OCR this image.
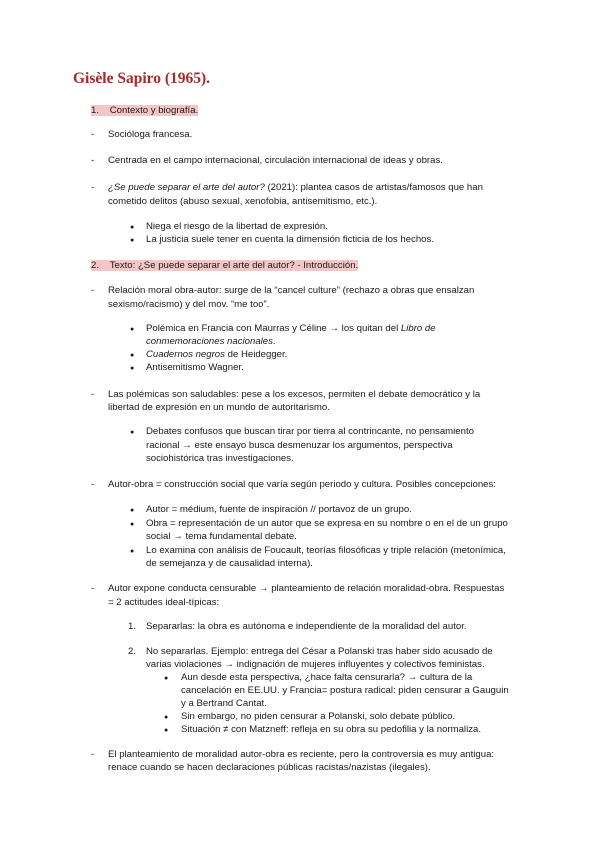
Gisèle Sapiro (1965).
1. Contexto y biografía.
- Socióloga francesa.
- Centrada en el campo internacional, circulación internacional de ideas y obras.
- ¿Se puede separar el arte del autor? (2021): plantea casos de artistas/famosos que han
cometido delitos (abuso sexual, xenofobia, antisemitismo, etc.).
● Niega el riesgo de la libertad de expresión.
● La justicia suele tener en cuenta la dimensión ficticia de los hechos.
2. Texto: ¿Se puede separar el arte del autor? - Introducción.
- Relación moral obra-autor: surge de la “cancel culture” (rechazo a obras que ensalzan
sexismo/racismo) y del mov. “me too”.
● Polémica en Francia con Maurras y Céline → los quitan del Libro de
conmemoraciones nacionales.
● Cuadernos negros de Heidegger.
● Antisemitismo Wagner.
- Las polémicas son saludables: pese a los excesos, permiten el debate democrático y la
libertad de expresión en un mundo de autoritarismo.
● Debates confusos que buscan tirar por tierra al contrincante, no pensamiento
racional → este ensayo busca desmenuzar los argumentos, perspectiva
sociohistórica tras investigaciones.
- Autor-obra = construcción social que varía según periodo y cultura. Posibles concepciones:
● Autor = médium, fuente de inspiración // portavoz de un grupo.
● Obra = representación de un autor que se expresa en su nombre o en el de un grupo
social → tema fundamental debate.
● Lo examina con análisis de Foucault, teorías filosóficas y triple relación (metonímica,
de semejanza y de causalidad interna).
- Autor expone conducta censurable → planteamiento de relación moralidad-obra. Respuestas
= 2 actitudes ideal-típicas:
1. Separarlas: la obra es autónoma e independiente de la moralidad del autor.
2. No separarlas. Ejemplo: entrega del César a Polanski tras haber sido acusado de
varias violaciones → indignación de mujeres influyentes y colectivos feministas.
● Aun desde esta perspectiva, ¿hace falta censurarla? → cultura de la
cancelación en EE.UU. y Francia= postura radical: piden censurar a Gauguin
y a Bertrand Cantat.
● Sin embargo, no piden censurar a Polanski, solo debate público.
● Situación ≠ con Matzneff: refleja en su obra su pedofilia y la normaliza.
- El planteamiento de moralidad autor-obra es reciente, pero la controversia es muy antigua:
renace cuando se hacen declaraciones públicas racistas/nazistas (ilegales).
